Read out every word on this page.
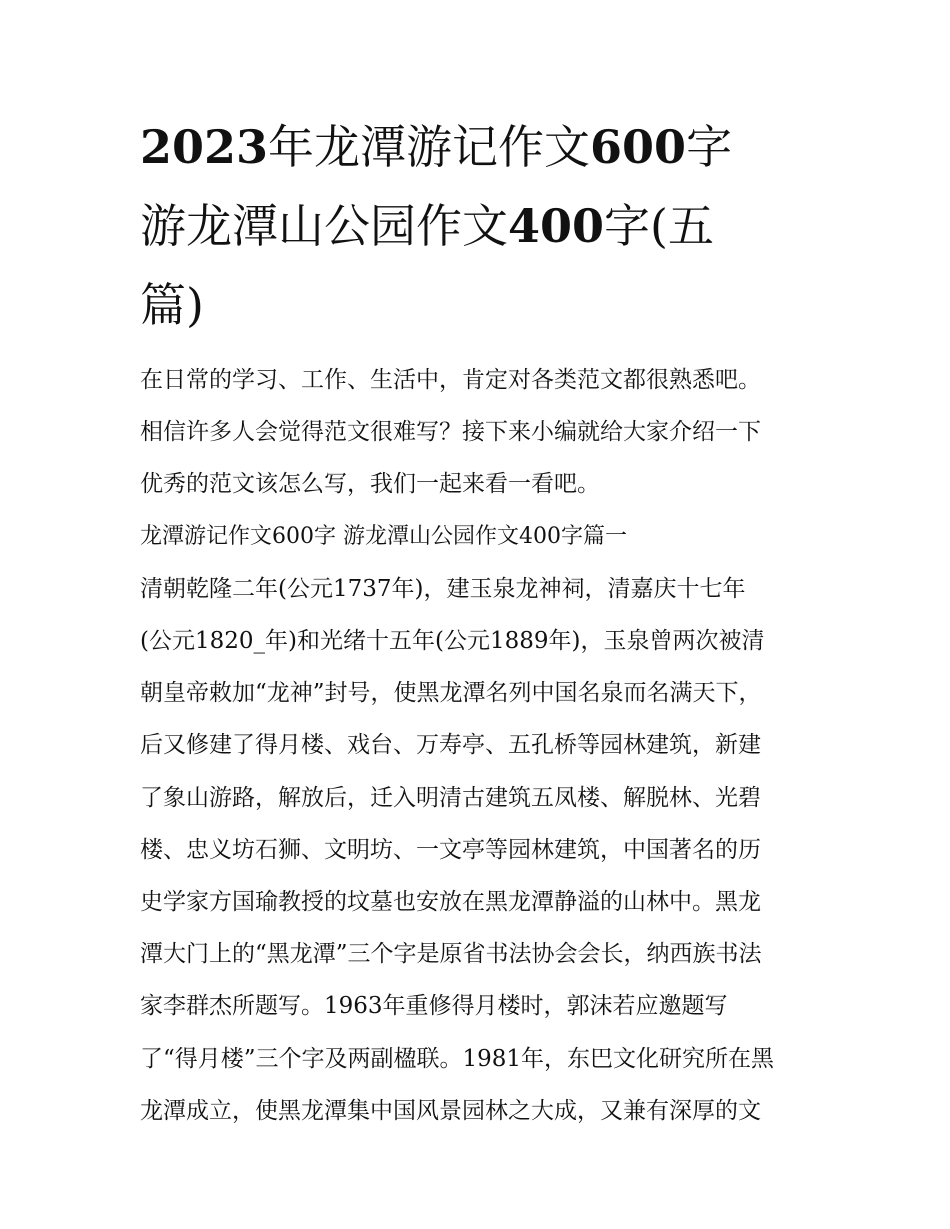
2023年龙潭游记作文600字
游龙潭山公园作文400字(五
篇)
在日常的学习、工作、生活中，肯定对各类范文都很熟悉吧。
相信许多人会觉得范文很难写？接下来小编就给大家介绍一下
优秀的范文该怎么写，我们一起来看一看吧。
龙潭游记作文600字 游龙潭山公园作文400字篇一
清朝乾隆二年(公元1737年)，建玉泉龙神祠，清嘉庆十七年
(公元1820_年)和光绪十五年(公元1889年)，玉泉曾两次被清
朝皇帝敕加“龙神”封号，使黑龙潭名列中国名泉而名满天下，
后又修建了得月楼、戏台、万寿亭、五孔桥等园林建筑，新建
了象山游路，解放后，迁入明清古建筑五凤楼、解脱林、光碧
楼、忠义坊石狮、文明坊、一文亭等园林建筑，中国著名的历
史学家方国瑜教授的坟墓也安放在黑龙潭静溢的山林中。黑龙
潭大门上的“黑龙潭”三个字是原省书法协会会长，纳西族书法
家李群杰所题写。1963年重修得月楼时，郭沫若应邀题写
了“得月楼”三个字及两副楹联。1981年，东巴文化研究所在黑
龙潭成立，使黑龙潭集中国风景园林之大成，又兼有深厚的文
